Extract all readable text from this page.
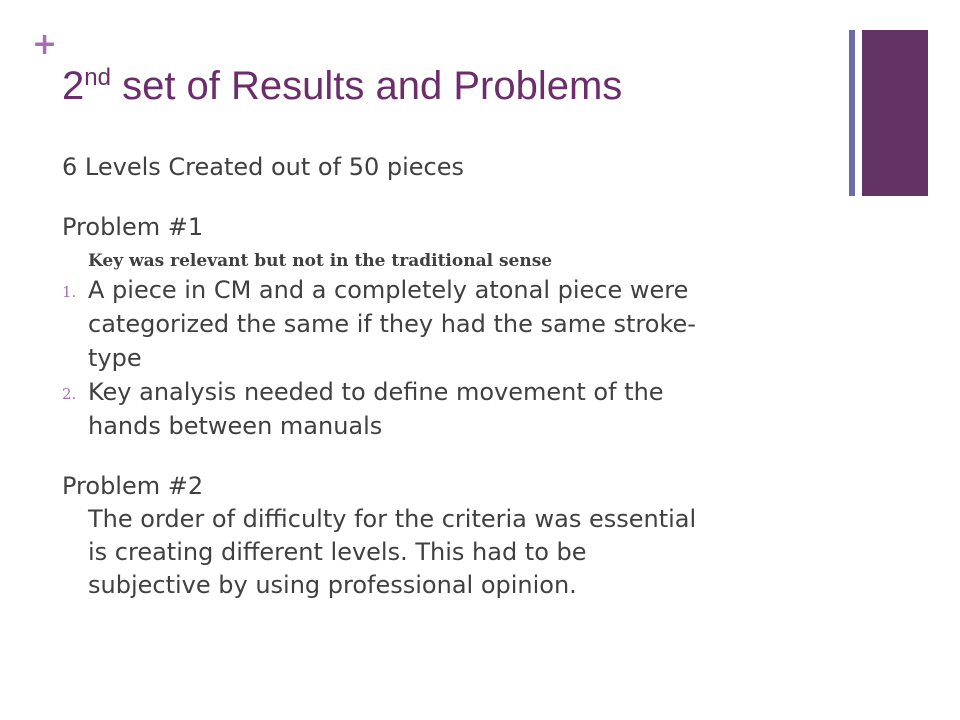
+
2nd set of Results and Problems

6 Levels Created out of 50 pieces

Problem #1

Key was relevant but not in the traditional sense

1. A piece in CM and a completely atonal piece were
categorized the same if they had the same stroke-
type
2. Key analysis needed to define movement of the
hands between manuals

Problem #2

The order of difficulty for the criteria was essential
is creating different levels. This had to be
subjective by using professional opinion.
